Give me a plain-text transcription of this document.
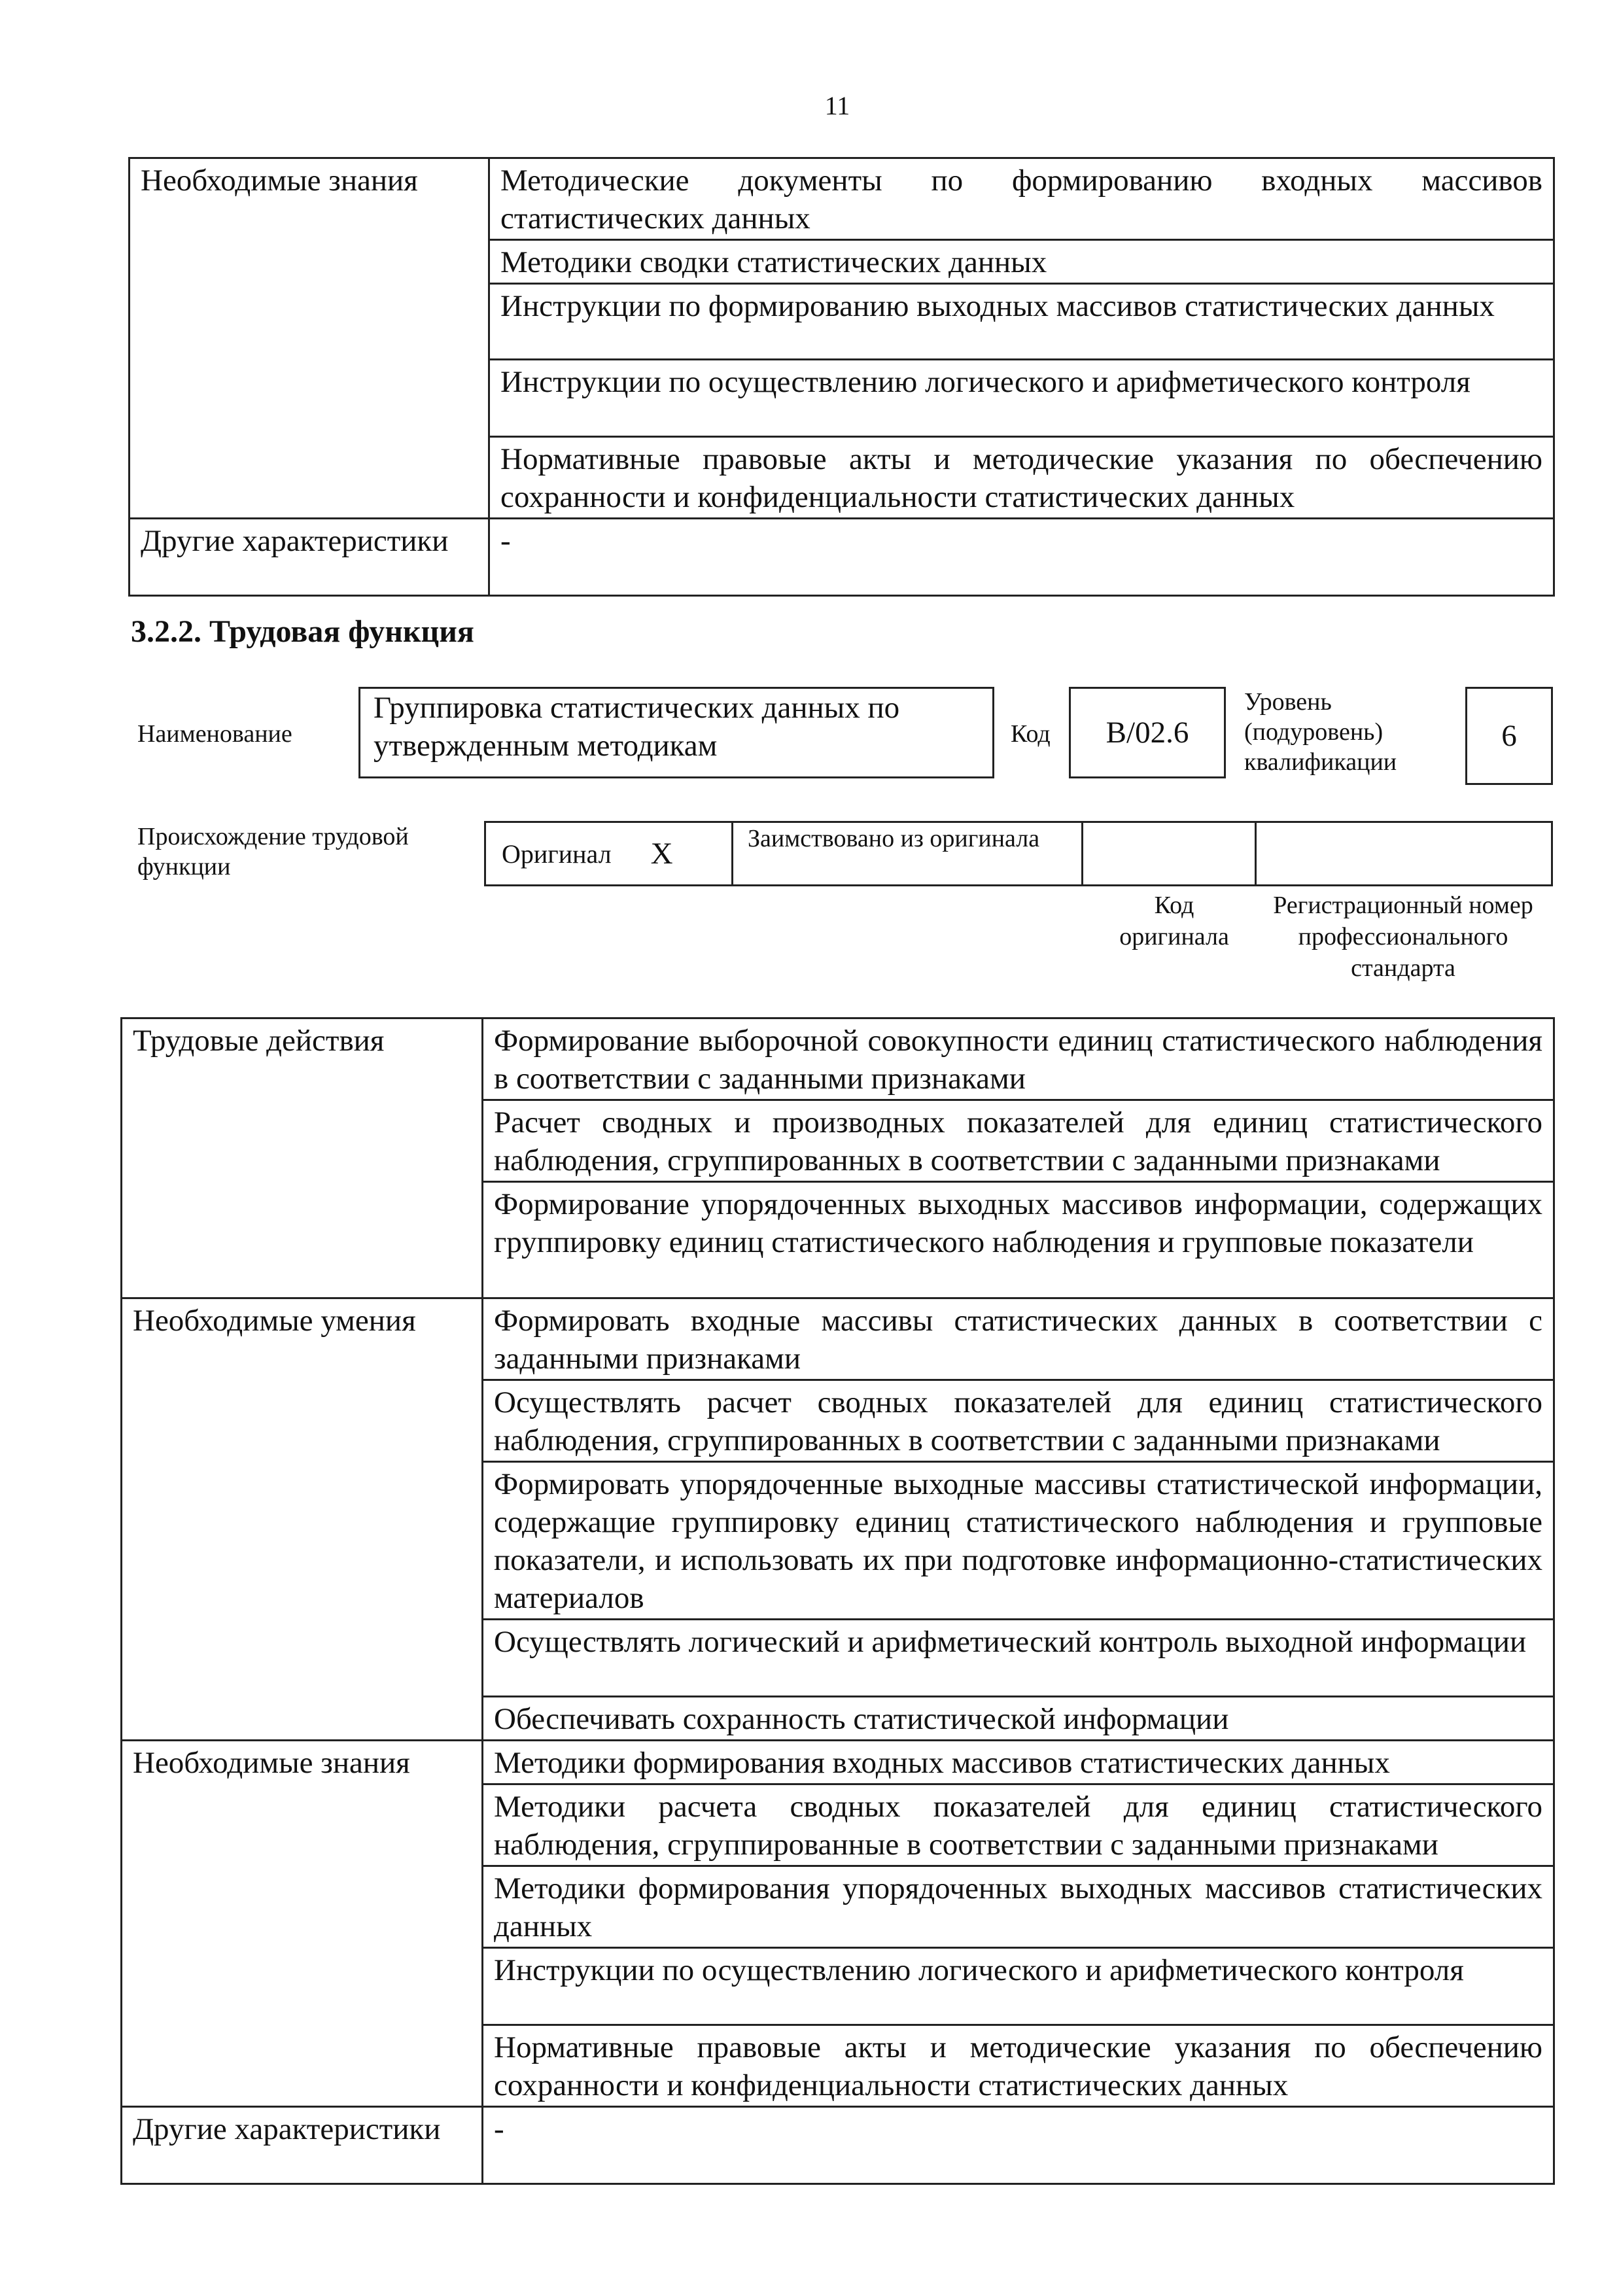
11
Необходимые знания	Методические документы по формированию входных массивов статистических данных
	Методики сводки статистических данных
	Инструкции по формированию выходных массивов статистических данных
	Инструкции по осуществлению логического и арифметического контроля
	Нормативные правовые акты и методические указания по обеспечению сохранности и конфиденциальности статистических данных
Другие характеристики	-
3.2.2. Трудовая функция
Наименование
Группировка статистических данных по утвержденным методикам	Код B/02.6
Уровень (подуровень) квалификации
6
Происхождение трудовой функции	Оригинал X	Заимствовано из оригинала
Код оригинала
Регистрационный номер профессионального стандарта
Трудовые действия	Формирование выборочной совокупности единиц статистического наблюдения в соответствии с заданными признаками
	Расчет сводных и производных показателей для единиц статистического наблюдения, сгруппированных в соответствии с заданными признаками
	Формирование упорядоченных выходных массивов информации, содержащих группировку единиц статистического наблюдения и групповые показатели
Необходимые умения	Формировать входные массивы статистических данных в соответствии с заданными признаками
	Осуществлять расчет сводных показателей для единиц статистического наблюдения, сгруппированных в соответствии с заданными признаками
	Формировать упорядоченные выходные массивы статистической информации, содержащие группировку единиц статистического наблюдения и групповые показатели, и использовать их при подготовке информационно-статистических материалов
	Осуществлять логический и арифметический контроль выходной информации
	Обеспечивать сохранность статистической информации
Необходимые знания	Методики формирования входных массивов статистических данных
	Методики расчета сводных показателей для единиц статистического наблюдения, сгруппированные в соответствии с заданными признаками
	Методики формирования упорядоченных выходных массивов статистических данных
	Инструкции по осуществлению логического и арифметического контроля
	Нормативные правовые акты и методические указания по обеспечению сохранности и конфиденциальности статистических данных
Другие характеристики	-
